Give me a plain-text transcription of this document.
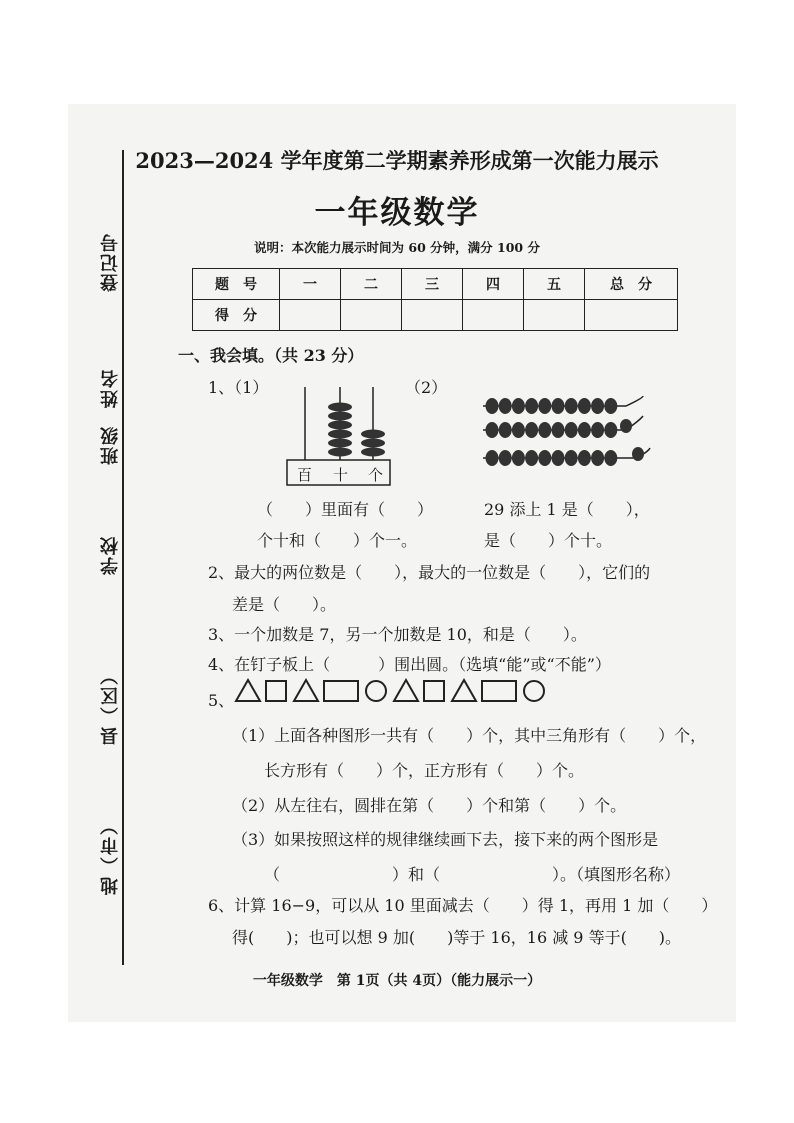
登记号
姓名
班级
学校
县（区）
地（市）
2023—2024 学年度第二学期素养形成第一次能力展示
一年级数学
说明：本次能力展示时间为 60 分钟，满分 100 分
题　号	一	二	三	四	五	总　分
得　分						
一、我会填。（共 23 分）
1、（1）	（2）
百 十 个
（　　）里面有（　　）
个十和（　　）个一。
29 添上 1 是（　　），
是（　　）个十。
2、最大的两位数是（　　），最大的一位数是（　　），它们的
差是（　　）。
3、一个加数是 7，另一个加数是 10，和是（　　）。
4、在钉子板上（　　　）围出圆。（选填“能”或“不能”）
5、
（1）上面各种图形一共有（　　）个，其中三角形有（　　）个，
长方形有（　　）个，正方形有（　　）个。
（2）从左往右，圆排在第（　　）个和第（　　）个。
（3）如果按照这样的规律继续画下去，接下来的两个图形是
（　　　　　　　）和（　　　　　　　）。（填图形名称）
6、计算 16−9，可以从 10 里面减去（　　）得 1，再用 1 加（　　）
得(　　)；也可以想 9 加(　　)等于 16，16 减 9 等于(　　)。
一年级数学　第 1页（共 4页）（能力展示一）
